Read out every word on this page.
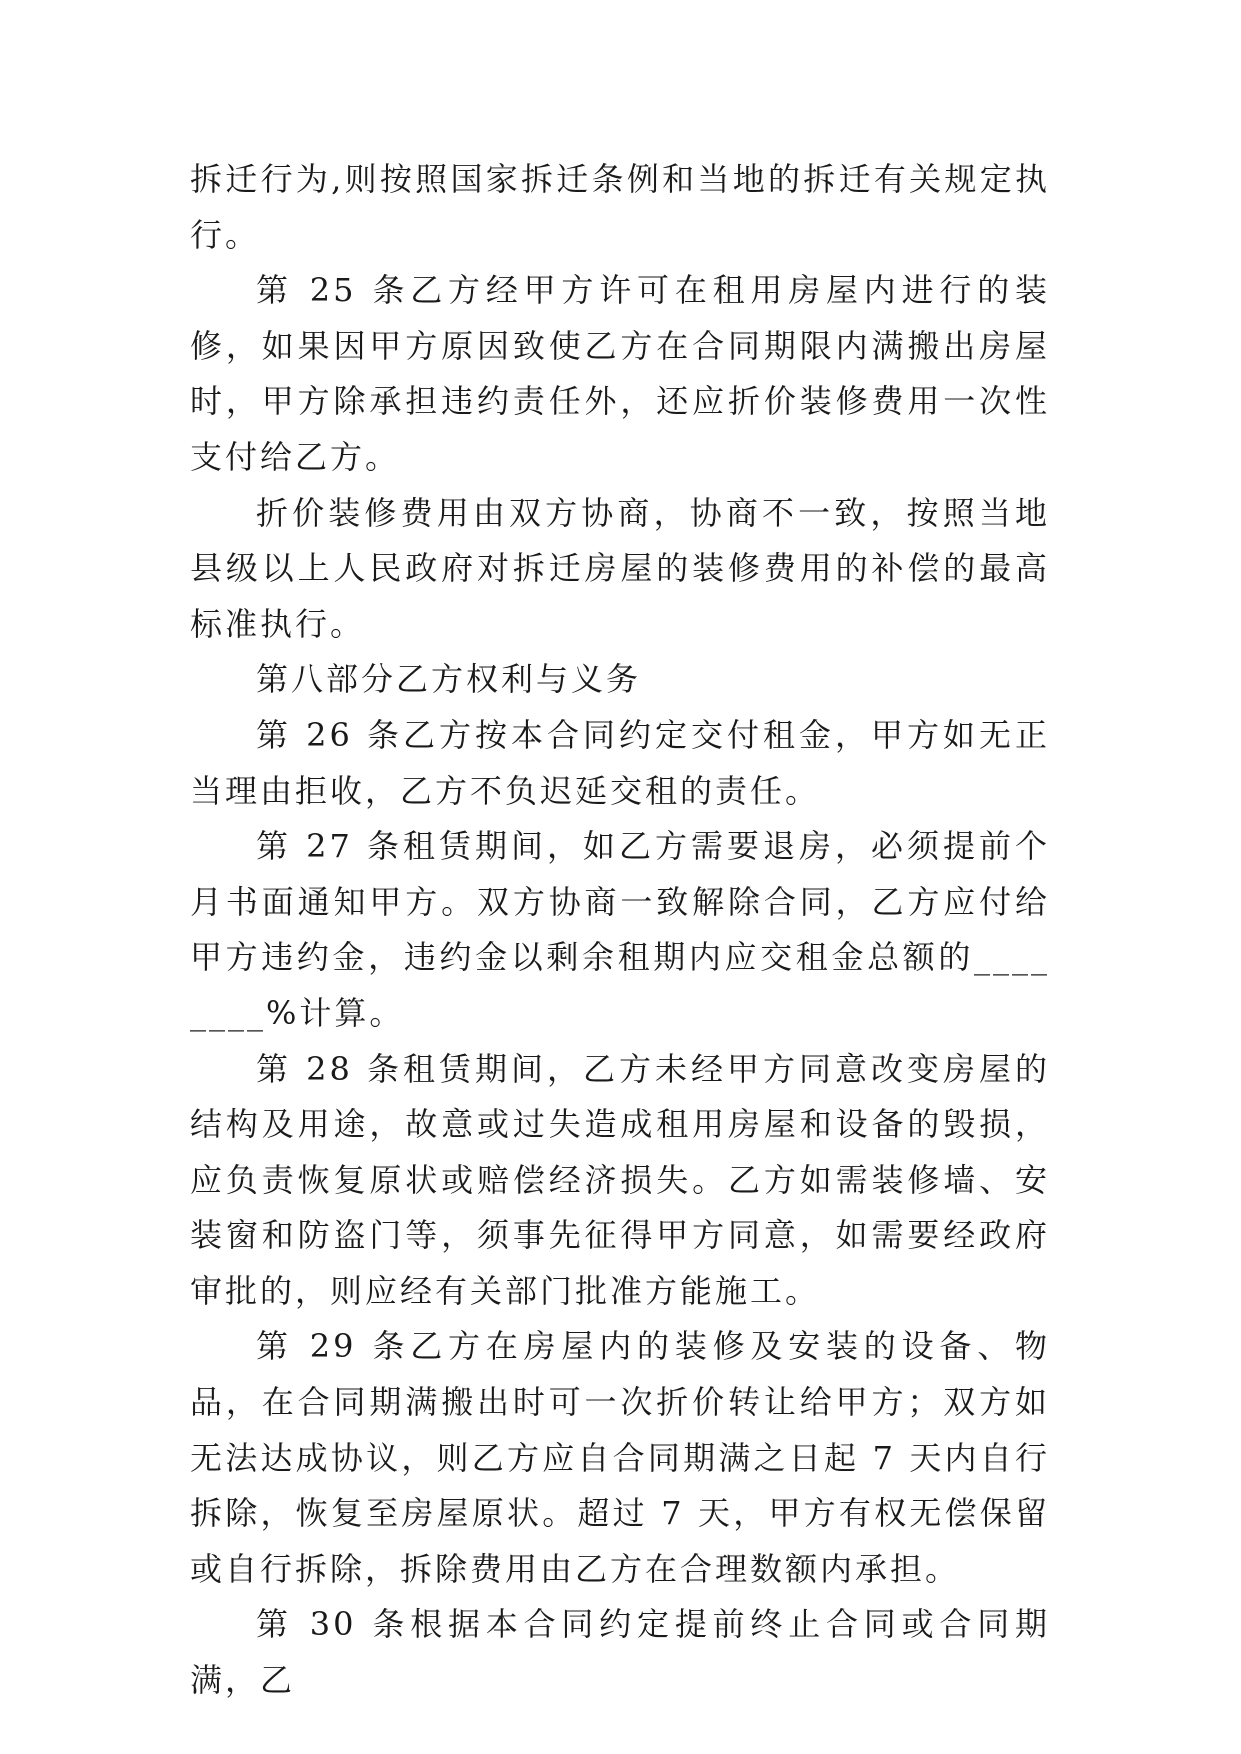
拆迁行为,则按照国家拆迁条例和当地的拆迁有关规定执行。

第 25 条乙方经甲方许可在租用房屋内进行的装修，如果因甲方原因致使乙方在合同期限内满搬出房屋时，甲方除承担违约责任外，还应折价装修费用一次性支付给乙方。

折价装修费用由双方协商，协商不一致，按照当地县级以上人民政府对拆迁房屋的装修费用的补偿的最高标准执行。

第八部分乙方权利与义务

第 26 条乙方按本合同约定交付租金，甲方如无正当理由拒收，乙方不负迟延交租的责任。

第 27 条租赁期间，如乙方需要退房，必须提前个月书面通知甲方。双方协商一致解除合同，乙方应付给甲方违约金，违约金以剩余租期内应交租金总额的________%计算。

第 28 条租赁期间，乙方未经甲方同意改变房屋的结构及用途，故意或过失造成租用房屋和设备的毁损，应负责恢复原状或赔偿经济损失。乙方如需装修墙、安装窗和防盗门等，须事先征得甲方同意，如需要经政府审批的，则应经有关部门批准方能施工。

第 29 条乙方在房屋内的装修及安装的设备、物品，在合同期满搬出时可一次折价转让给甲方；双方如无法达成协议，则乙方应自合同期满之日起 7 天内自行拆除，恢复至房屋原状。超过 7 天，甲方有权无偿保留或自行拆除，拆除费用由乙方在合理数额内承担。

第 30 条根据本合同约定提前终止合同或合同期满，乙
